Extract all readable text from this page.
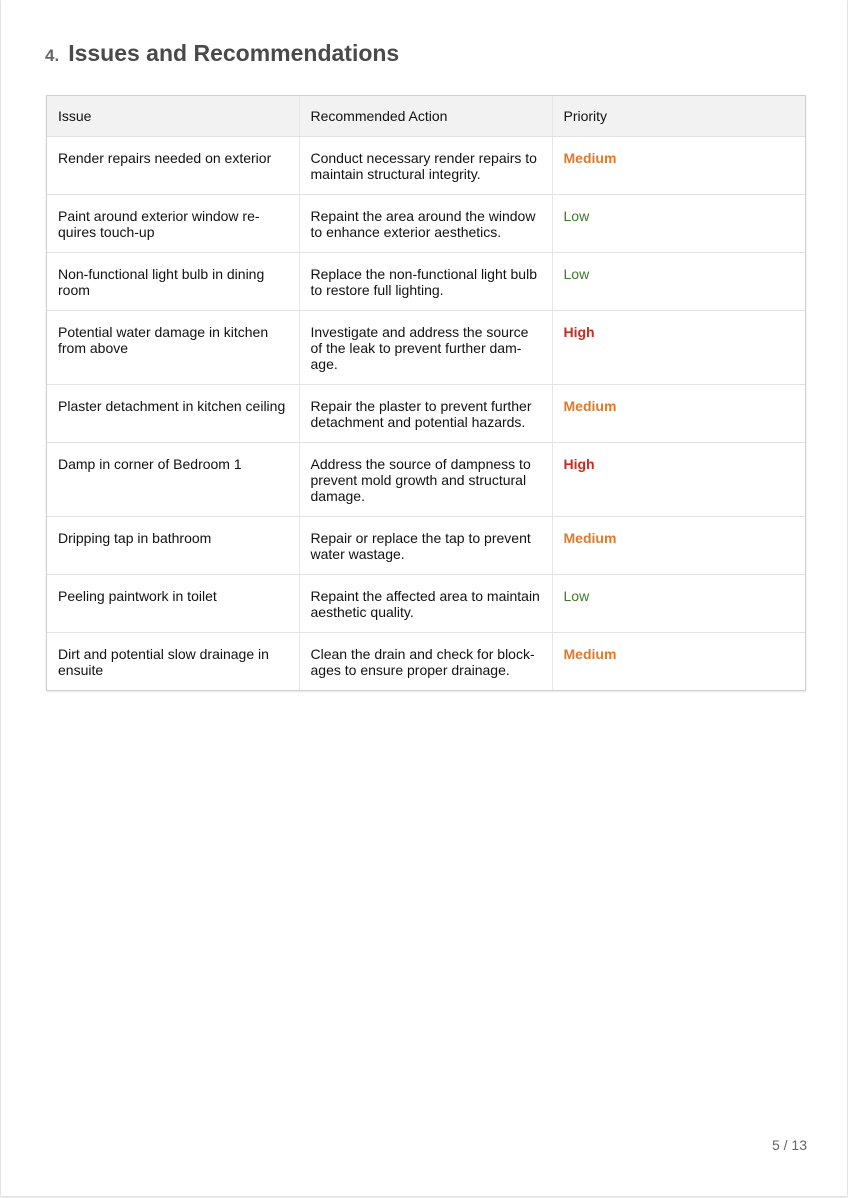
4. Issues and Recommendations
Issue	Recommended Action	Priority
Render repairs needed on exterior	Conduct necessary render repairs to maintain structural integrity.	Medium
Paint around exterior window re-quires touch-up	Repaint the area around the window to enhance exterior aesthetics.	Low
Non-functional light bulb in dining room	Replace the non-functional light bulb to restore full lighting.	Low
Potential water damage in kitchen from above	Investigate and address the source of the leak to prevent further dam-age.	High
Plaster detachment in kitchen ceiling	Repair the plaster to prevent further detachment and potential hazards.	Medium
Damp in corner of Bedroom 1	Address the source of dampness to prevent mold growth and structural damage.	High
Dripping tap in bathroom	Repair or replace the tap to prevent water wastage.	Medium
Peeling paintwork in toilet	Repaint the affected area to maintain aesthetic quality.	Low
Dirt and potential slow drainage in ensuite	Clean the drain and check for block-ages to ensure proper drainage.	Medium
5 / 13
